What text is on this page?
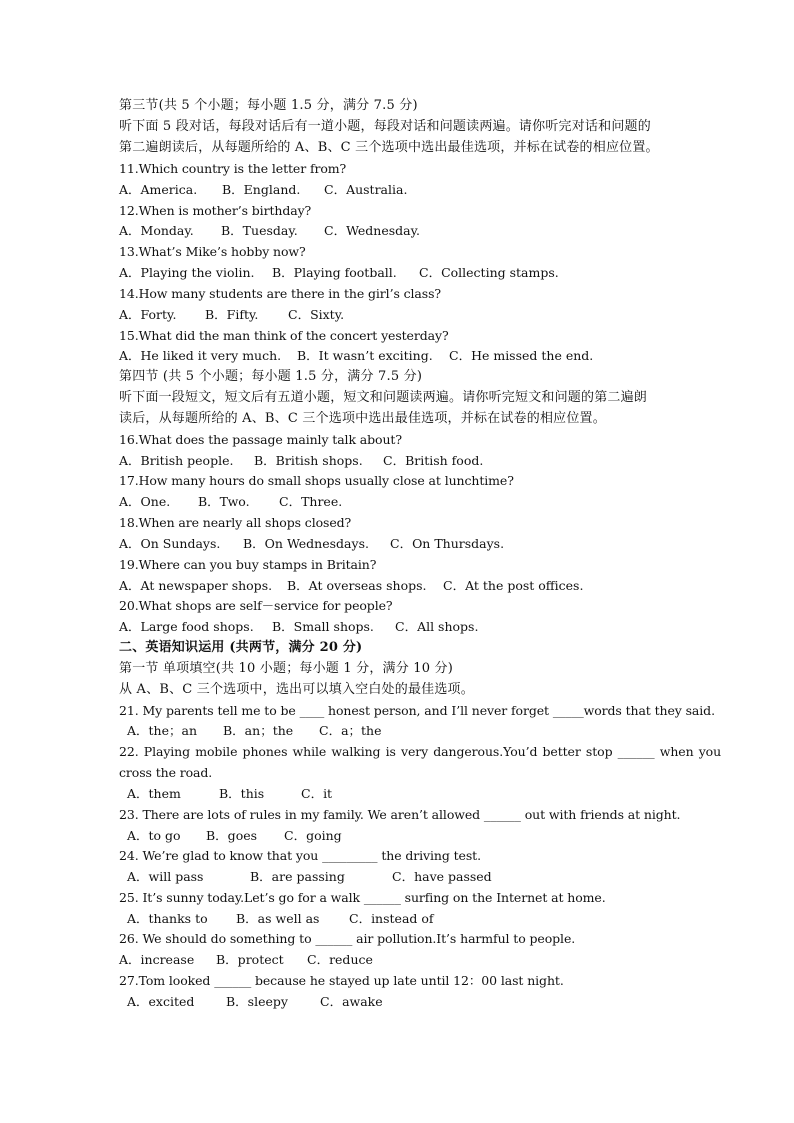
第三节(共 5 个小题；每小题 1.5 分，满分 7.5 分)
听下面 5 段对话，每段对话后有一道小题，每段对话和问题读两遍。请你听完对话和问题的
第二遍朗读后，从每题所给的 A、B、C 三个选项中选出最佳选项，并标在试卷的相应位置。
11.Which country is the letter from?

A．America.

B．England.

C．Australia.

12.When is mother’s birthday?

A．Monday.

B．Tuesday.

C．Wednesday.

13.What’s Mike’s hobby now?

A．Playing the violin.

B．Playing football.

C．Collecting stamps.

14.How many students are there in the girl’s class?

A．Forty.

B．Fifty.

C．Sixty.

15.What did the man think of the concert yesterday?

A．He liked it very much.

B．It wasn’t exciting.

C．He missed the end.

第四节 (共 5 个小题；每小题 1.5 分，满分 7.5 分)
听下面一段短文，短文后有五道小题，短文和问题读两遍。请你听完短文和问题的第二遍朗
读后，从每题所给的 A、B、C 三个选项中选出最佳选项，并标在试卷的相应位置。
16.What does the passage mainly talk about?

A．British people.

B．British shops.

C．British food.

17.How many hours do small shops usually close at lunchtime?

A．One.

B．Two.

C．Three.

18.When are nearly all shops closed?

A．On Sundays.

B．On Wednesdays.

C．On Thursdays.

19.Where can you buy stamps in Britain?

A．At newspaper shops.

B．At overseas shops.

C．At the post offices.

20.What shops are self－service for people?

A．Large food shops.

B．Small shops.

C．All shops.

二、英语知识运用 (共两节，满分 20 分)
第一节 单项填空(共 10 小题；每小题 1 分，满分 10 分)
从 A、B、C 三个选项中，选出可以填入空白处的最佳选项。
21. My parents tell me to be ____ honest person, and I’ll never forget _____words that they said.

A．the；an

B．an；the

C．a；the

22. Playing mobile phones while walking is very dangerous.You’d better stop ______ when you
cross the road.

A．them

	B．this

	C．it

23. There are lots of rules in my family. We aren’t allowed ______ out with friends at night.

A．to go

B．goes

C．going

24. We’re glad to know that you _________ the driving test.

A．will pass

	B．are passing

	C．have passed

25. It’s sunny today.Let’s go for a walk ______ surfing on the Internet at home.

A．thanks to

B．as well as

C．instead of

26. We should do something to ______ air pollution.It’s harmful to people.

A．increase

B．protect

C．reduce

27.Tom looked ______ because he stayed up late until 12：00 last night.

A．excited

	B．sleepy

	C．awake
